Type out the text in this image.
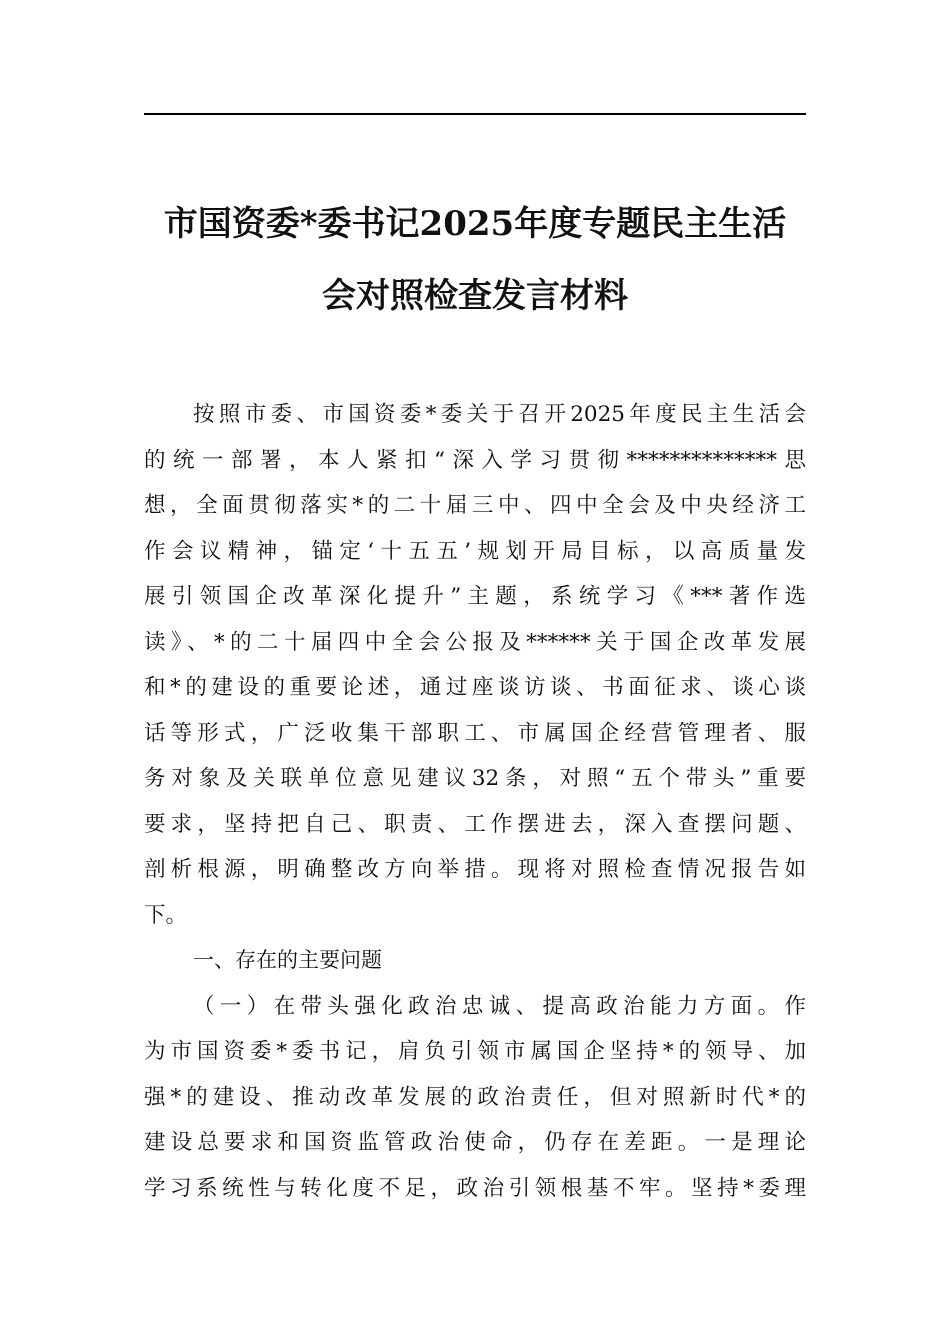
市国资委*委书记2025年度专题民主生活
会对照检查发言材料
按照市委、市国资委*委关于召开2025年度民主生活会
的统一部署，本人紧扣“深入学习贯彻**************思
想，全面贯彻落实*的二十届三中、四中全会及中央经济工
作会议精神，锚定‘十五五’规划开局目标，以高质量发
展引领国企改革深化提升”主题，系统学习《***著作选
读》、*的二十届四中全会公报及******关于国企改革发展
和*的建设的重要论述，通过座谈访谈、书面征求、谈心谈
话等形式，广泛收集干部职工、市属国企经营管理者、服
务对象及关联单位意见建议32条，对照“五个带头”重要
要求，坚持把自己、职责、工作摆进去，深入查摆问题、
剖析根源，明确整改方向举措。现将对照检查情况报告如
下。
一、存在的主要问题
（一）在带头强化政治忠诚、提高政治能力方面。作
为市国资委*委书记，肩负引领市属国企坚持*的领导、加
强*的建设、推动改革发展的政治责任，但对照新时代*的
建设总要求和国资监管政治使命，仍存在差距。一是理论
学习系统性与转化度不足，政治引领根基不牢。坚持*委理
